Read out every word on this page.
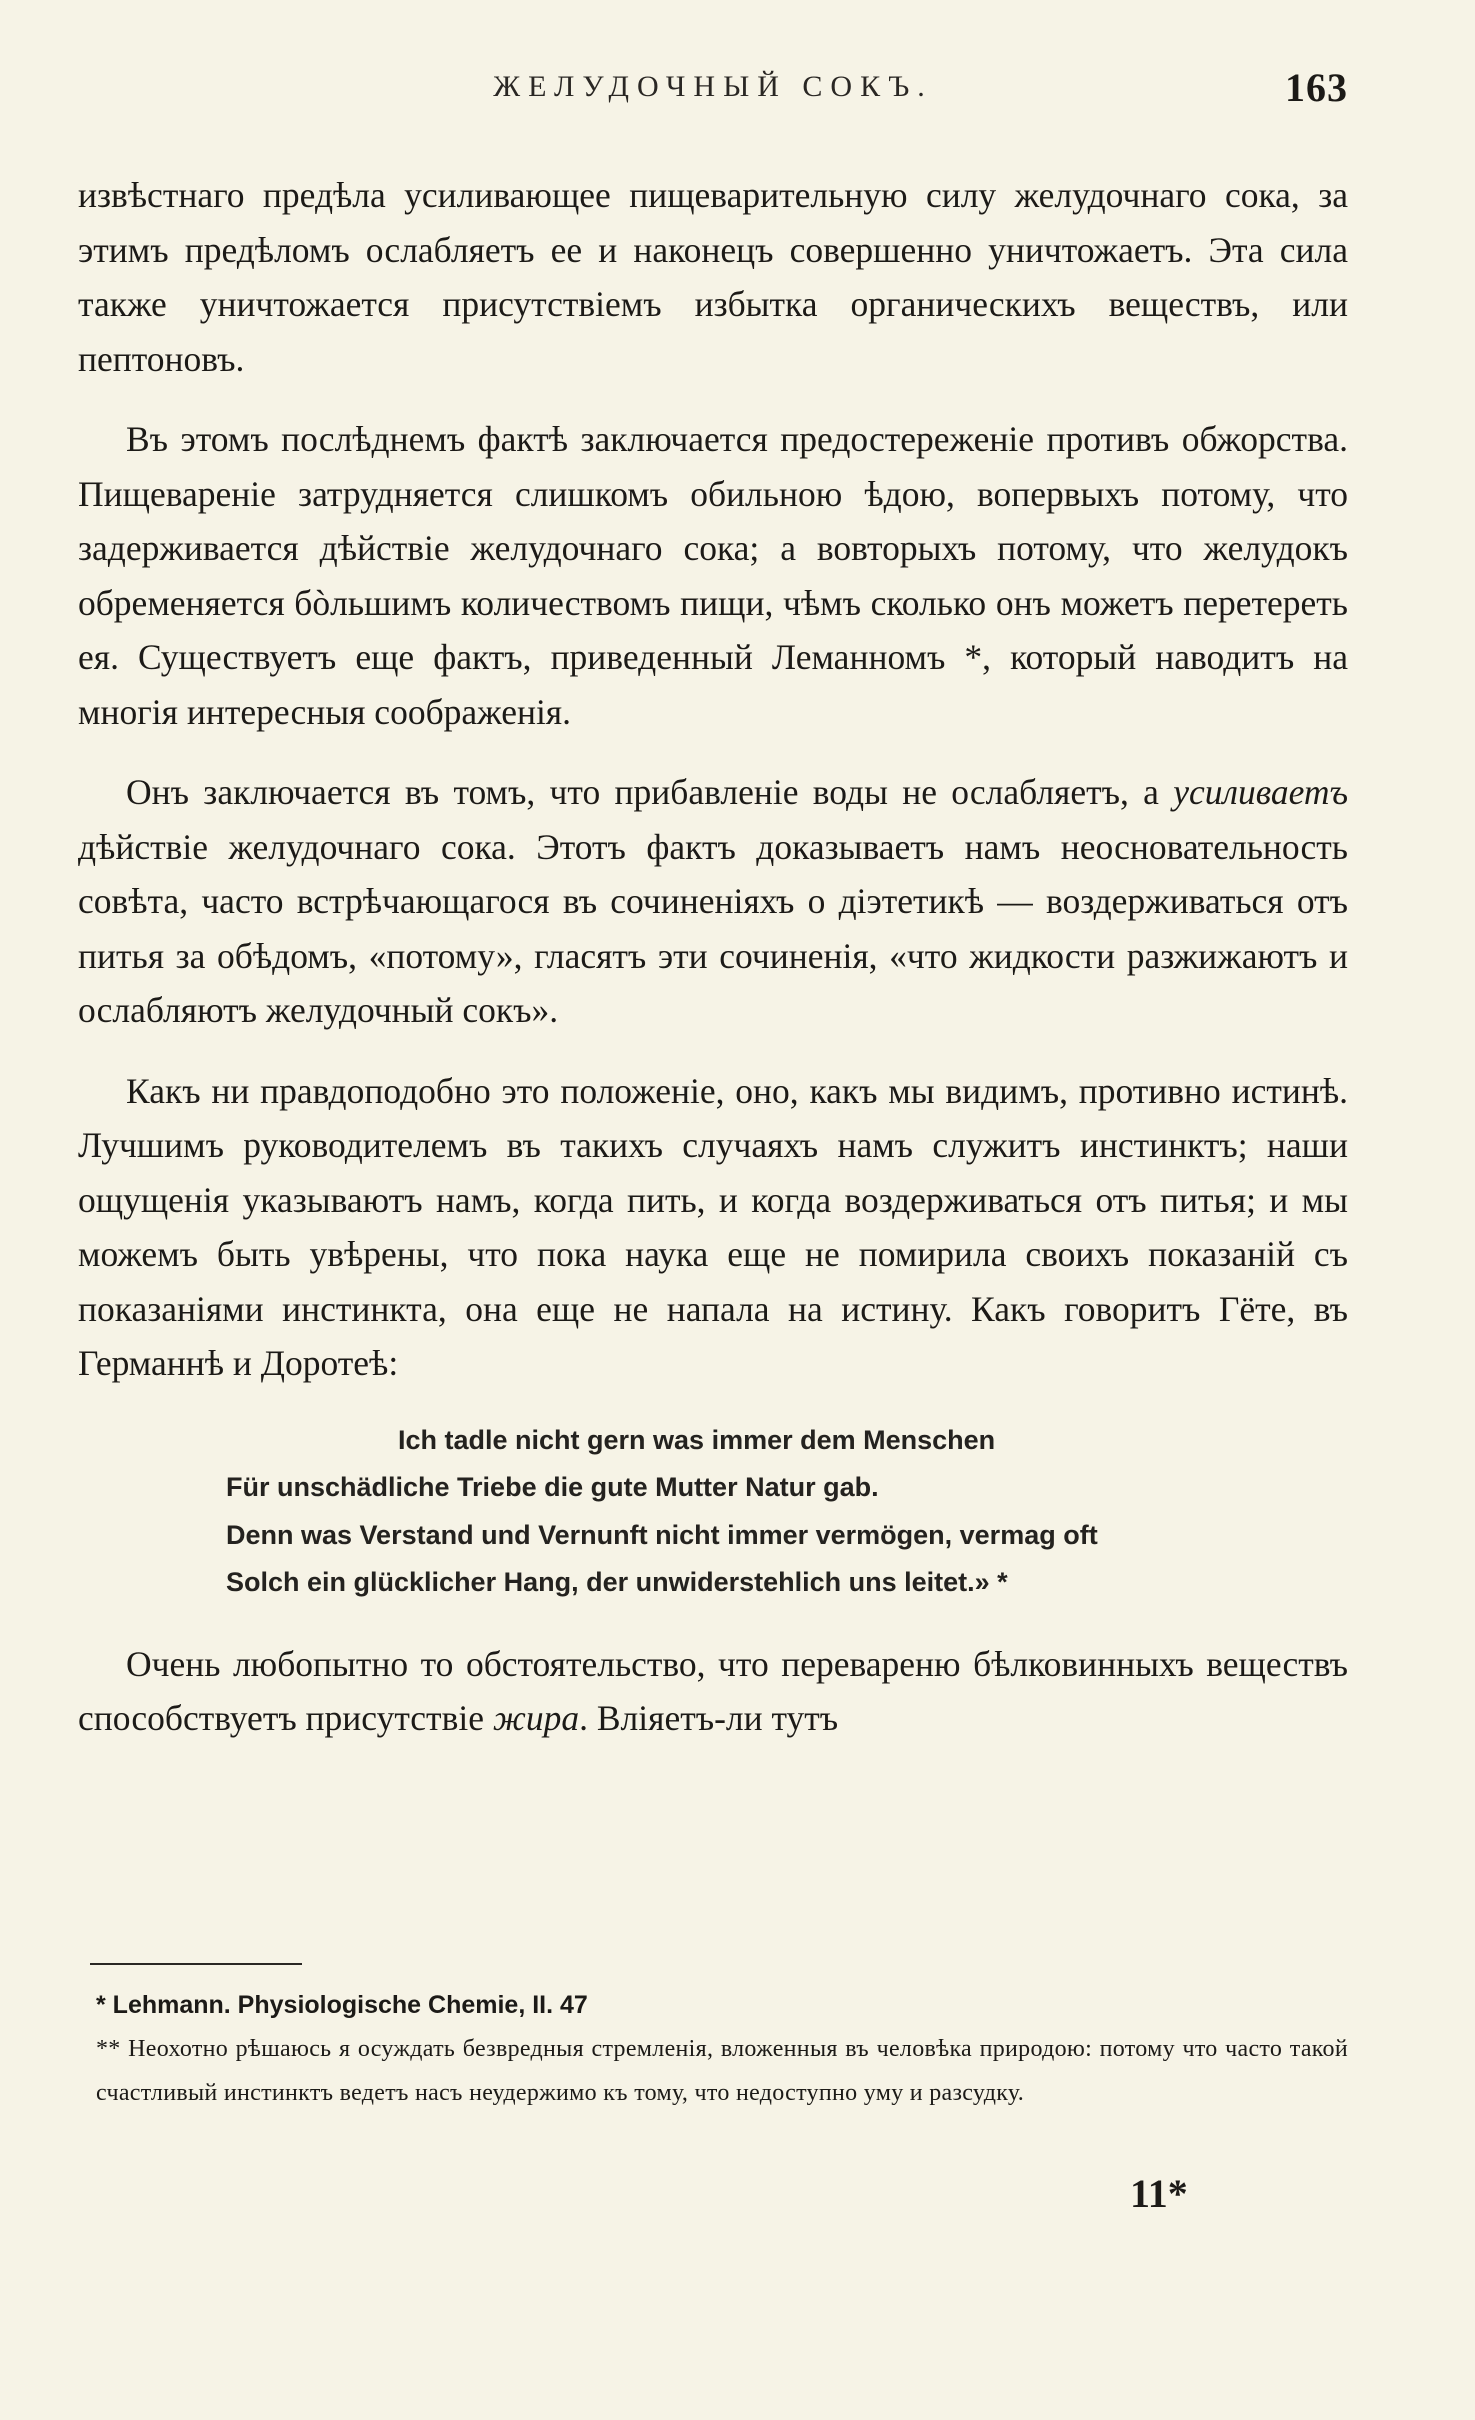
ЖЕЛУДОЧНЫЙ СОКЪ.	163

извѣстнаго предѣла усиливающее пищеварительную силу желудочнаго сока, за этимъ предѣломъ ослабляетъ ее и наконецъ совершенно уничтожаетъ. Эта сила также уничтожается присутствіемъ избытка органическихъ веществъ, или пептоновъ.

Въ этомъ послѣднемъ фактѣ заключается предостереженіе противъ обжорства. Пищевареніе затрудняется слишкомъ обильною ѣдою, вопервыхъ потому, что задерживается дѣйствіе желудочнаго сока; а вовторыхъ потому, что желудокъ обременяется бòльшимъ количествомъ пищи, чѣмъ сколько онъ можетъ перетереть ея. Существуетъ еще фактъ, приведенный Леманномъ *, который наводитъ на многія интересныя соображенія.

Онъ заключается въ томъ, что прибавленіе воды не ослабляетъ, а усиливаетъ дѣйствіе желудочнаго сока. Этотъ фактъ доказываетъ намъ неосновательность совѣта, часто встрѣчающагося въ сочиненіяхъ о діэтетикѣ — воздерживаться отъ питья за обѣдомъ, «потому», гласятъ эти сочиненія, «что жидкости разжижаютъ и ослабляютъ желудочный сокъ».

Какъ ни правдоподобно это положеніе, оно, какъ мы видимъ, противно истинѣ. Лучшимъ руководителемъ въ такихъ случаяхъ намъ служитъ инстинктъ; наши ощущенія указываютъ намъ, когда пить, и когда воздерживаться отъ питья; и мы можемъ быть увѣрены, что пока наука еще не помирила своихъ показаній съ показаніями инстинкта, она еще не напала на истину. Какъ говоритъ Гёте, въ Германнѣ и Доротеѣ:

Ich tadle nicht gern was immer dem Menschen
Für unschädliche Triebe die gute Mutter Natur gab.
Denn was Verstand und Vernunft nicht immer vermögen, vermag oft
Solch ein glücklicher Hang, der unwiderstehlich uns leitet.» *

Очень любопытно то обстоятельство, что перевареню бѣлковинныхъ веществъ способствуетъ присутствіе жира. Вліяетъ-ли тутъ

* Lehmann. Physiologische Chemie, II. 47

** Неохотно рѣшаюсь я осуждать безвредныя стремленія, вложенныя въ человѣка природою: потому что часто такой счастливый инстинктъ ведетъ насъ неудержимо къ тому, что недоступно уму и разсудку.

11*
